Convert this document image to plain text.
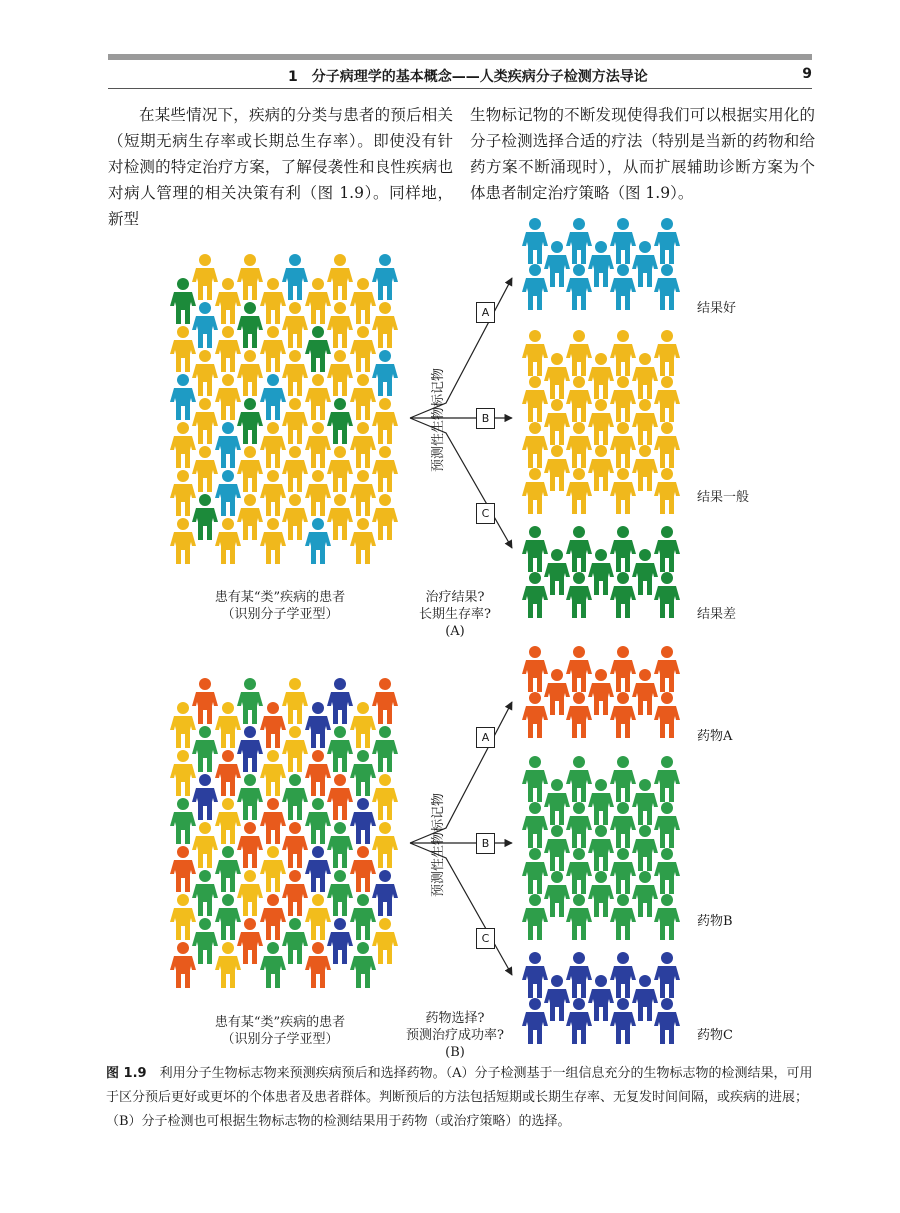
1　分子病理学的基本概念——人类疾病分子检测方法导论	9
在某些情况下，疾病的分类与患者的预后相关（短期无病生存率或长期总生存率）。即使没有针对检测的特定治疗方案，了解侵袭性和良性疾病也对病人管理的相关决策有利（图 1.9）。同样地，新型
生物标记物的不断发现使得我们可以根据实用化的分子检测选择合适的疗法（特别是当新的药物和给药方案不断涌现时），从而扩展辅助诊断方案为个体患者制定治疗策略（图 1.9）。
A
B
C
预测性生物标记物
结果好
结果一般
结果差
患有某“类”疾病的患者
（识别分子学亚型）
治疗结果?
长期生存率?
(A)
A
B
C
预测性生物标记物
药物A
药物B
药物C
患有某“类”疾病的患者
（识别分子学亚型）
药物选择?
预测治疗成功率?
(B)
图 1.9　 利用分子生物标志物来预测疾病预后和选择药物。（A）分子检测基于一组信息充分的生物标志物的检测结果，可用于区分预后更好或更坏的个体患者及患者群体。判断预后的方法包括短期或长期生存率、无复发时间间隔，或疾病的进展；（B）分子检测也可根据生物标志物的检测结果用于药物（或治疗策略）的选择。
